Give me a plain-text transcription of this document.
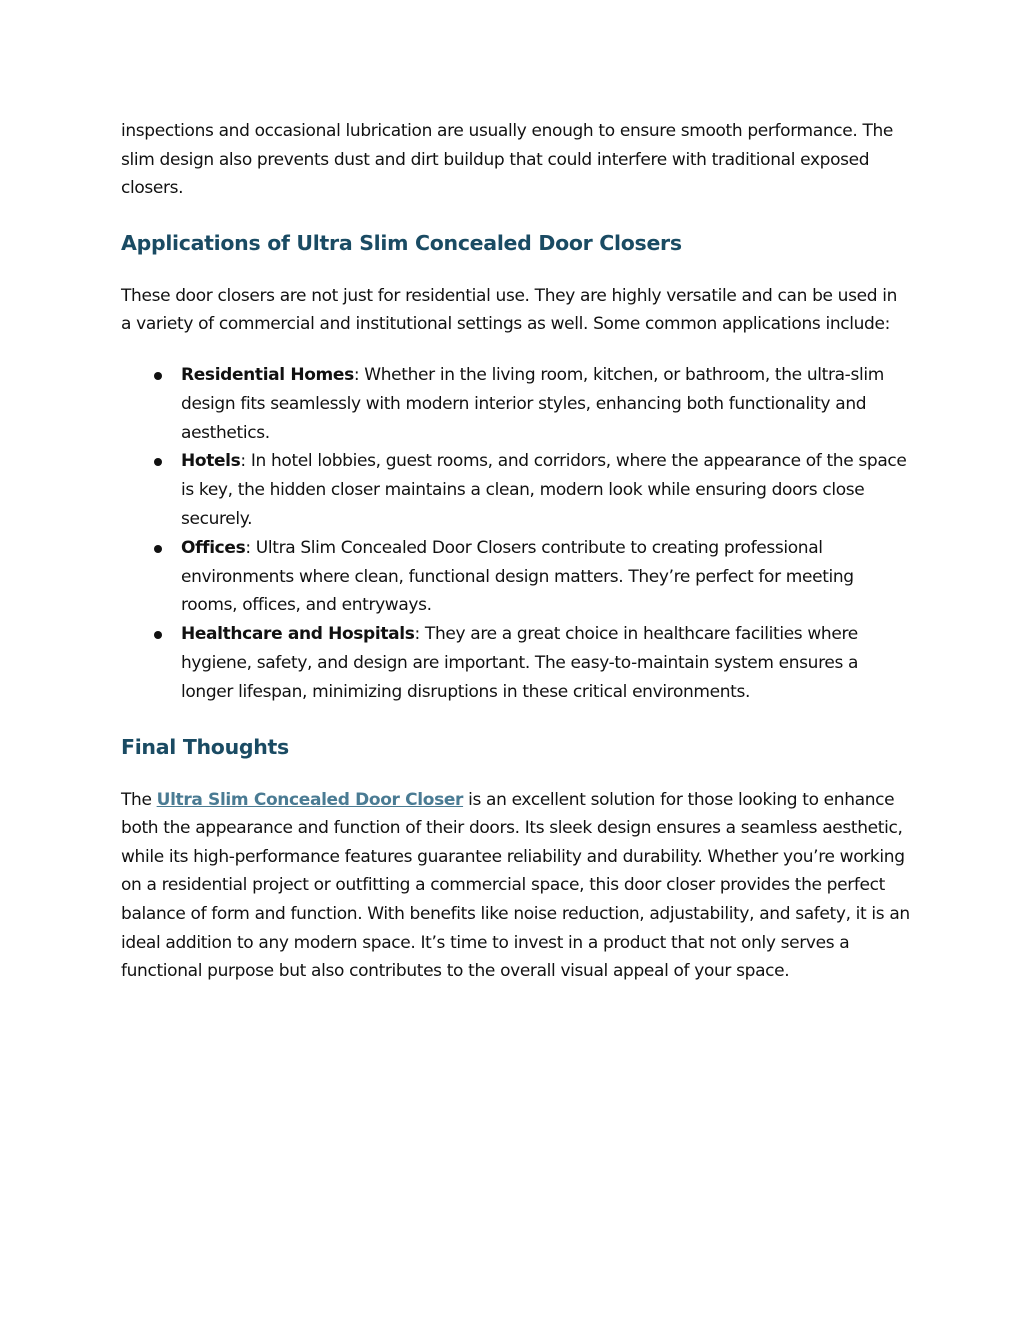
inspections and occasional lubrication are usually enough to ensure smooth performance. The slim design also prevents dust and dirt buildup that could interfere with traditional exposed closers.

Applications of Ultra Slim Concealed Door Closers

These door closers are not just for residential use. They are highly versatile and can be used in a variety of commercial and institutional settings as well. Some common applications include:

Residential Homes: Whether in the living room, kitchen, or bathroom, the ultra-slim design fits seamlessly with modern interior styles, enhancing both functionality and aesthetics.
Hotels: In hotel lobbies, guest rooms, and corridors, where the appearance of the space is key, the hidden closer maintains a clean, modern look while ensuring doors close securely.
Offices: Ultra Slim Concealed Door Closers contribute to creating professional environments where clean, functional design matters. They’re perfect for meeting rooms, offices, and entryways.
Healthcare and Hospitals: They are a great choice in healthcare facilities where hygiene, safety, and design are important. The easy-to-maintain system ensures a longer lifespan, minimizing disruptions in these critical environments.
Final Thoughts

The Ultra Slim Concealed Door Closer is an excellent solution for those looking to enhance both the appearance and function of their doors. Its sleek design ensures a seamless aesthetic, while its high-performance features guarantee reliability and durability. Whether you’re working on a residential project or outfitting a commercial space, this door closer provides the perfect balance of form and function. With benefits like noise reduction, adjustability, and safety, it is an ideal addition to any modern space. It’s time to invest in a product that not only serves a functional purpose but also contributes to the overall visual appeal of your space.
